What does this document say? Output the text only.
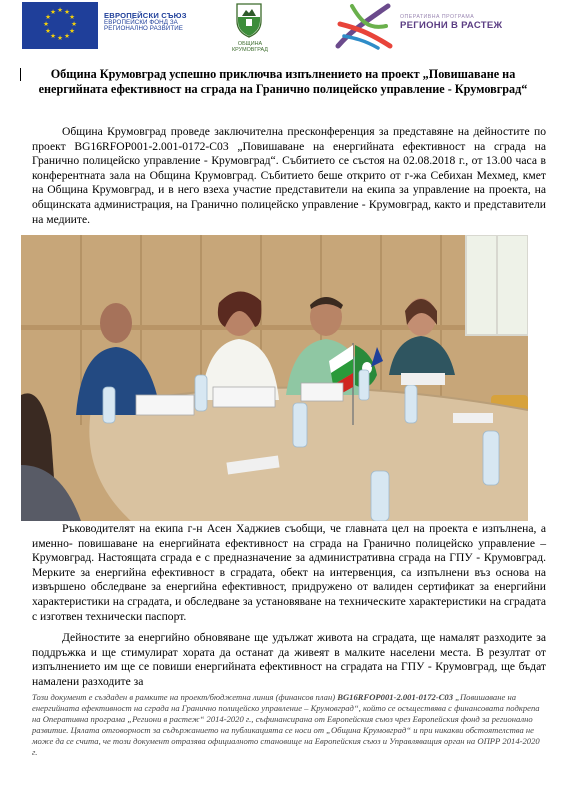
★ ★
★
★
★
★
★
★
★
★
★
★	ЕВРОПЕЙСКИ СЪЮЗ
ЕВРОПЕЙСКИ ФОНД ЗА
РЕГИОНАЛНО РАЗВИТИЕ
ОБЩИНА КРУМОВГРАД
ОПЕРАТИВНА ПРОГРАМА
РЕГИОНИ В РАСТЕЖ
Община Крумовград успешно приключва изпълнението на проект „Повишаване на енергийната ефективност на сграда на Гранично полицейско управление - Крумовград“
Община Крумовград проведе заключителна пресконференция за представяне на дейностите по проект BG16RFOP001-2.001-0172-C03 „Повишаване на енергийната ефективност на сграда на Гранично полицейско управление - Крумовград“. Събитието се състоя на 02.08.2018 г., от 13.00 часа в конферентната зала на Община Крумовград. Събитието беше открито от г-жа Себихан Мехмед, кмет на Община Крумовград, и в него взеха участие представители на екипа за управление на проекта, на общинската администрация, на Гранично полицейско управление - Крумовград, както и представители на медиите.
Ръководителят на екипа г-н Асен Хаджиев съобщи, че главната цел на проекта е изпълнена, а именно- повишаване на енергийната ефективност на сграда на Гранично полицейско управление – Крумовград. Настоящата сграда е с предназначение за административна сграда на ГПУ - Крумовград. Мерките за енергийна ефективност в сградата, обект на интервенция, са изпълнени въз основа на извършено обследване за енергийна ефективност, придружено от валиден сертификат за енергийни характеристики на сградата, и обследване за установяване на техническите характеристики на сградата с изготвен технически паспорт.
Дейностите за енергийно обновяване ще удължат живота на сградата, ще намалят разходите за поддръжка и ще стимулират хората да останат да живеят в малките населени места. В резултат от изпълнението им ще се повиши енергийната ефективност на сградата на ГПУ - Крумовград, ще бъдат намалени разходите за
Този документ е създаден в рамките на проект/бюджетна линия (финансов план) BG16RFOP001-2.001-0172-C03 „Повишаване на енергийната ефективност на сграда на Гранично полицейско управление – Крумовград“, който се осъществява с финансовата подкрепа на Оперативна програма „Региони в растеж“ 2014-2020 г., съфинансирана от Европейския съюз чрез Европейския фонд за регионално развитие. Цялата отговорност за съдържанието на публикацията се носи от „Община Крумовград“ и при никакви обстоятелства не може да се счита, че този документ отразява официалното становище на Европейския съюз и Управляващия орган на ОПРР 2014-2020 г.
